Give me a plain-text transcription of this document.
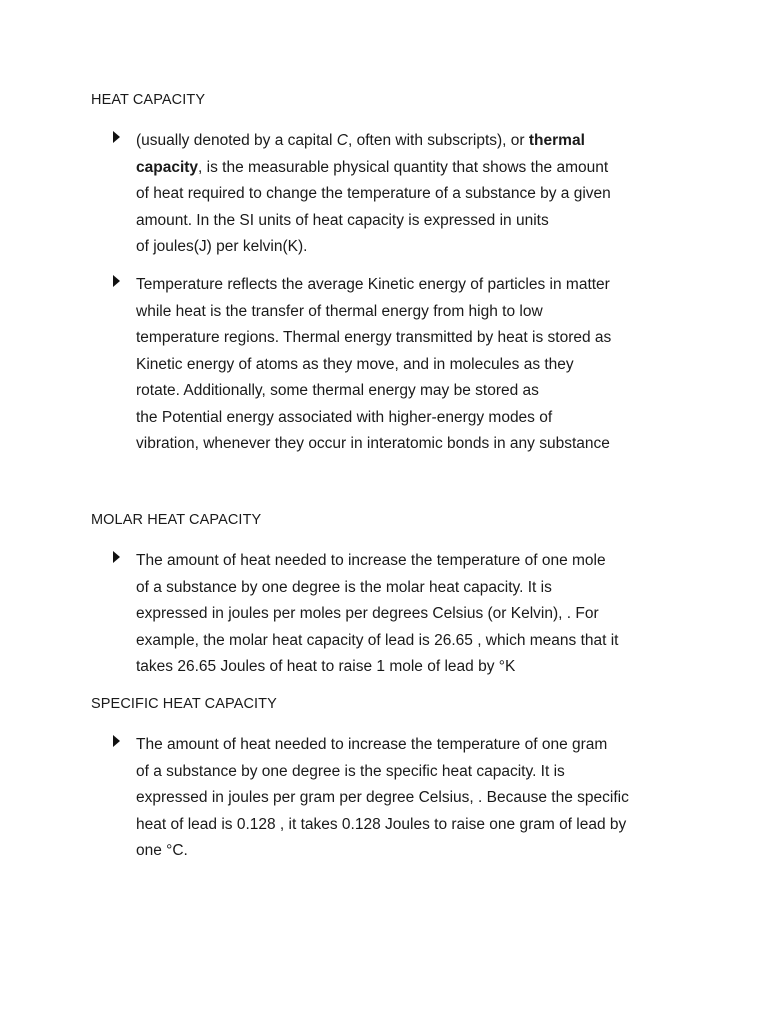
HEAT CAPACITY
(usually denoted by a capital C, often with subscripts), or thermal
capacity, is the measurable physical quantity that shows the amount
of heat required to change the temperature of a substance by a given
amount. In the SI units of heat capacity is expressed in units
of joules(J) per kelvin(K).
Temperature reflects the average Kinetic energy of particles in matter
while heat is the transfer of thermal energy from high to low
temperature regions. Thermal energy transmitted by heat is stored as
Kinetic energy of atoms as they move, and in molecules as they
rotate. Additionally, some thermal energy may be stored as
the Potential energy associated with higher-energy modes of
vibration, whenever they occur in interatomic bonds in any substance
MOLAR HEAT CAPACITY
The amount of heat needed to increase the temperature of one mole
of a substance by one degree is the molar heat capacity. It is
expressed in joules per moles per degrees Celsius (or Kelvin), . For
example, the molar heat capacity of lead is 26.65 , which means that it
takes 26.65 Joules of heat to raise 1 mole of lead by °K
SPECIFIC HEAT CAPACITY
The amount of heat needed to increase the temperature of one gram
of a substance by one degree is the specific heat capacity. It is
expressed in joules per gram per degree Celsius, . Because the specific
heat of lead is 0.128 , it takes 0.128 Joules to raise one gram of lead by
one °C.
